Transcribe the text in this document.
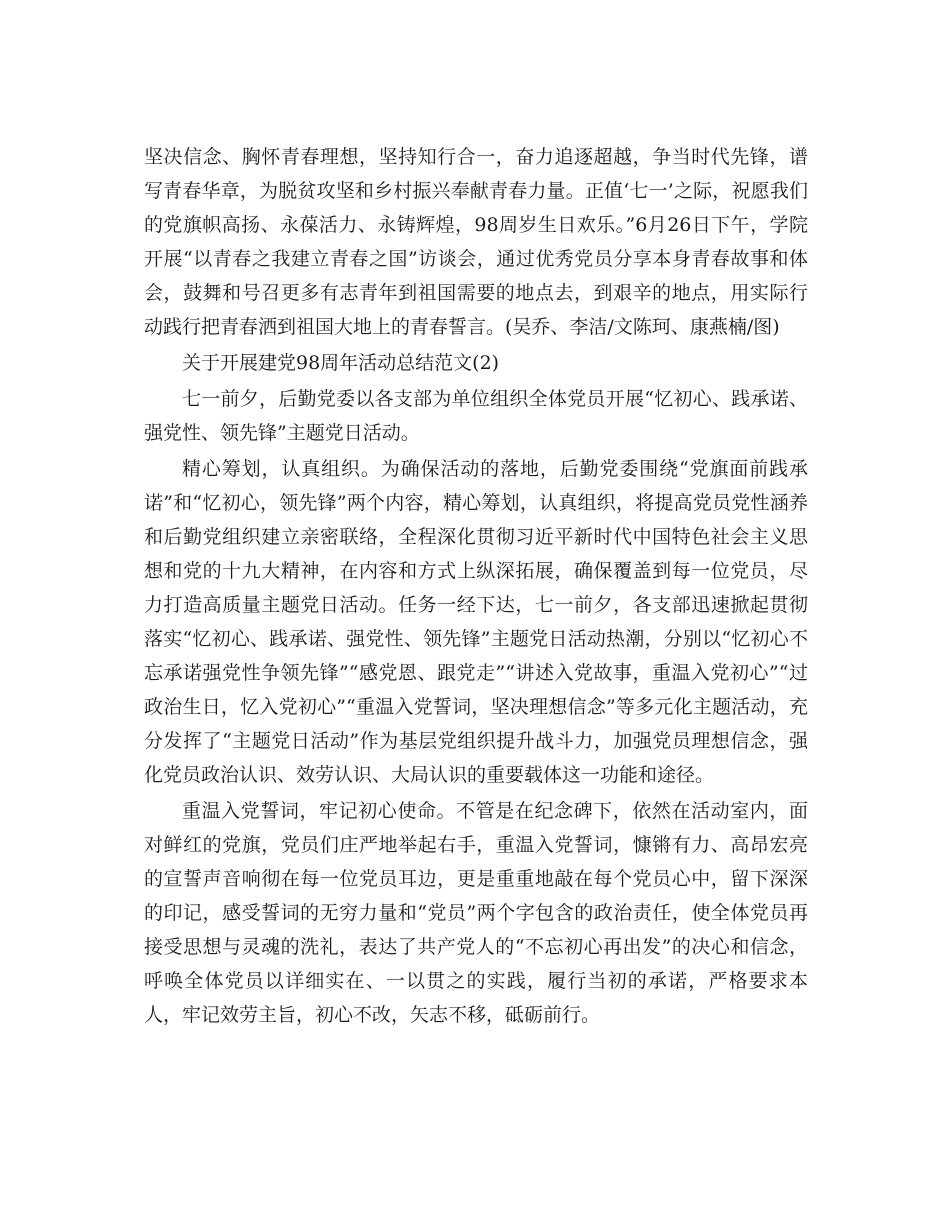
坚决信念、胸怀青春理想，坚持知行合一，奋力追逐超越，争当时代先锋，谱写青春华章，为脱贫攻坚和乡村振兴奉献青春力量。正值‘七一’之际，祝愿我们的党旗帜高扬、永葆活力、永铸辉煌，98周岁生日欢乐。”6月26日下午，学院开展“以青春之我建立青春之国”访谈会，通过优秀党员分享本身青春故事和体会，鼓舞和号召更多有志青年到祖国需要的地点去，到艰辛的地点，用实际行动践行把青春洒到祖国大地上的青春誓言。(吴乔、李洁/文陈珂、康燕楠/图)

关于开展建党98周年活动总结范文(2)

七一前夕，后勤党委以各支部为单位组织全体党员开展“忆初心、践承诺、强党性、领先锋”主题党日活动。

精心筹划，认真组织。为确保活动的落地，后勤党委围绕“党旗面前践承诺”和“忆初心，领先锋”两个内容，精心筹划，认真组织，将提高党员党性涵养和后勤党组织建立亲密联络，全程深化贯彻习近平新时代中国特色社会主义思想和党的十九大精神，在内容和方式上纵深拓展，确保覆盖到每一位党员，尽力打造高质量主题党日活动。任务一经下达，七一前夕，各支部迅速掀起贯彻落实“忆初心、践承诺、强党性、领先锋”主题党日活动热潮，分别以“忆初心不忘承诺强党性争领先锋”“感党恩、跟党走”“讲述入党故事，重温入党初心”“过政治生日，忆入党初心”“重温入党誓词，坚决理想信念”等多元化主题活动，充分发挥了“主题党日活动”作为基层党组织提升战斗力，加强党员理想信念，强化党员政治认识、效劳认识、大局认识的重要载体这一功能和途径。

重温入党誓词，牢记初心使命。不管是在纪念碑下，依然在活动室内，面对鲜红的党旗，党员们庄严地举起右手，重温入党誓词，慷锵有力、高昂宏亮的宣誓声音响彻在每一位党员耳边，更是重重地敲在每个党员心中，留下深深的印记，感受誓词的无穷力量和“党员”两个字包含的政治责任，使全体党员再接受思想与灵魂的洗礼，表达了共产党人的“不忘初心再出发”的决心和信念，呼唤全体党员以详细实在、一以贯之的实践，履行当初的承诺，严格要求本人，牢记效劳主旨，初心不改，矢志不移，砥砺前行。
